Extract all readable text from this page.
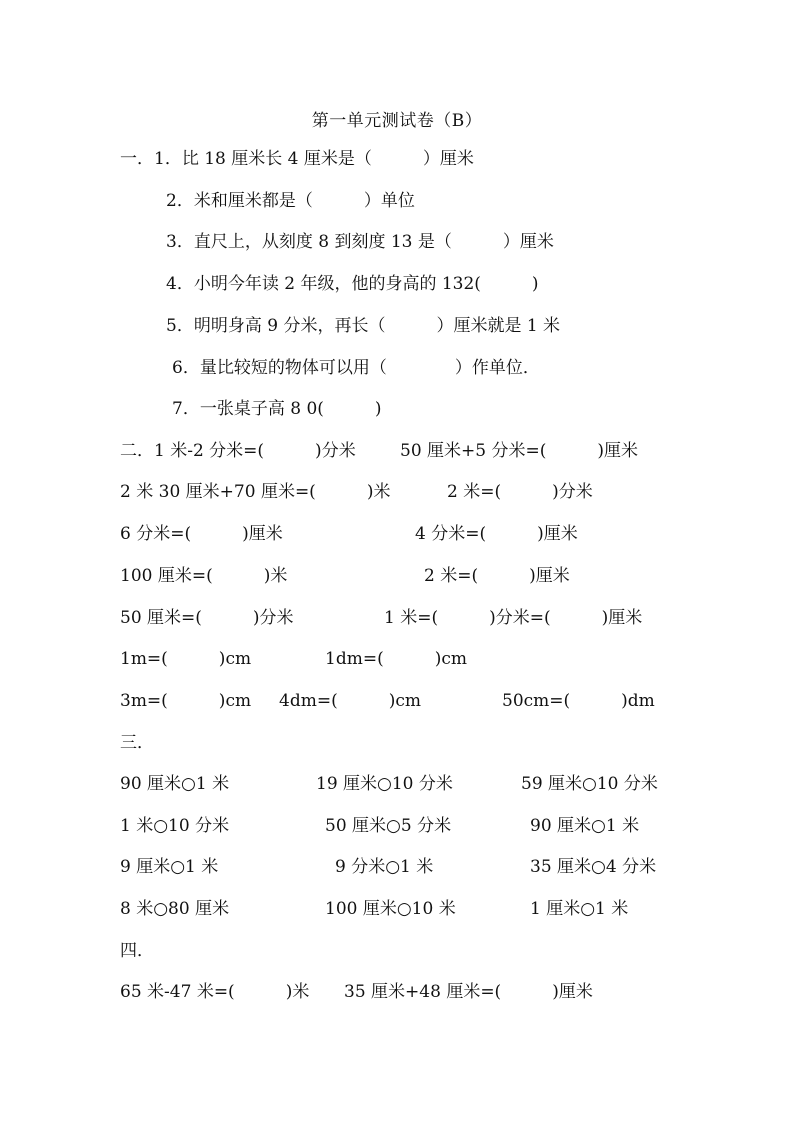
第一单元测试卷（B）
一．1．比 18 厘米长 4 厘米是（　　　）厘米
2．米和厘米都是（　　　）单位
3．直尺上，从刻度 8 到刻度 13 是（　　　）厘米
4．小明今年读 2 年级，他的身高的 132(　　　)
5．明明身高 9 分米，再长（　　　）厘米就是 1 米
6．量比较短的物体可以用（　　　　）作单位．
7．一张桌子高 8 0(　　　)
二．1 米-2 分米=(　　　)分米	50 厘米+5 分米=(　　　)厘米
2 米 30 厘米+70 厘米=(　　　)米	2 米=(　　　)分米
6 分米=(　　　)厘米	4 分米=(　　　)厘米
100 厘米=(　　　)米	2 米=(　　　)厘米
50 厘米=(　　　)分米	1 米=(　　　)分米=(　　　)厘米
1m=(　　　)cm	1dm=(　　　)cm
3m=(　　　)cm 4dm=(　　　)cm	50cm=(　　　)dm
三．
90 厘米○1 米	19 厘米○10 分米	59 厘米○10 分米
1 米○10 分米	50 厘米○5 分米	90 厘米○1 米
9 厘米○1 米	9 分米○1 米	35 厘米○4 分米
8 米○80 厘米	100 厘米○10 米	1 厘米○1 米
四．
65 米-47 米=(　　　)米 35 厘米+48 厘米=(　　　)厘米
